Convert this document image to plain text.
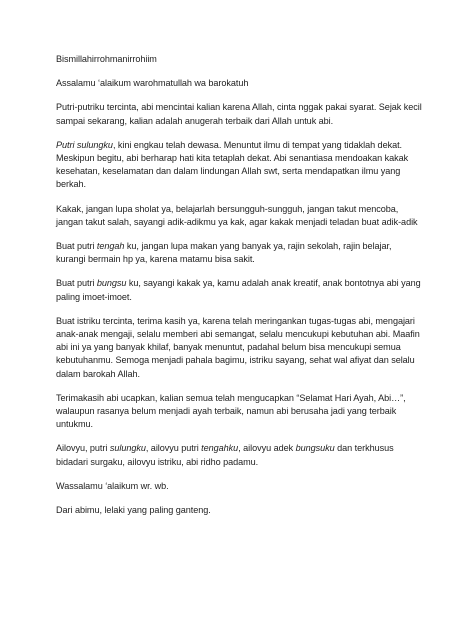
Bismillahirrohmanirrohiim

Assalamu ‘alaikum warohmatullah wa barokatuh

Putri-putriku tercinta, abi mencintai kalian karena Allah, cinta nggak pakai syarat. Sejak kecil sampai sekarang, kalian adalah anugerah terbaik dari Allah untuk abi.

Putri sulungku, kini engkau telah dewasa. Menuntut ilmu di tempat yang tidaklah dekat. Meskipun begitu, abi berharap hati kita tetaplah dekat. Abi senantiasa mendoakan kakak kesehatan, keselamatan dan dalam lindungan Allah swt, serta mendapatkan ilmu yang berkah.

Kakak, jangan lupa sholat ya, belajarlah bersungguh-sungguh, jangan takut mencoba, jangan takut salah, sayangi adik-adikmu ya kak, agar kakak menjadi teladan buat adik-adik

Buat putri tengah ku, jangan lupa makan yang banyak ya, rajin sekolah, rajin belajar, kurangi bermain hp ya, karena matamu bisa sakit.

Buat putri bungsu ku, sayangi kakak ya, kamu adalah anak kreatif, anak bontotnya abi yang paling imoet-imoet.

Buat istriku tercinta, terima kasih ya, karena telah meringankan tugas-tugas abi, mengajari anak-anak mengaji, selalu memberi abi semangat, selalu mencukupi kebutuhan abi. Maafin abi ini ya yang banyak khilaf, banyak menuntut, padahal belum bisa mencukupi semua kebutuhanmu. Semoga menjadi pahala bagimu, istriku sayang, sehat wal afiyat dan selalu dalam barokah Allah.

Terimakasih abi ucapkan, kalian semua telah mengucapkan “Selamat Hari Ayah, Abi…”, walaupun rasanya belum menjadi ayah terbaik, namun abi berusaha jadi yang terbaik untukmu.

Ailovyu, putri sulungku, ailovyu putri tengahku, ailovyu adek bungsuku dan terkhusus bidadari surgaku, ailovyu istriku, abi ridho padamu.

Wassalamu ‘alaikum wr. wb.

Dari abimu, lelaki yang paling ganteng.
